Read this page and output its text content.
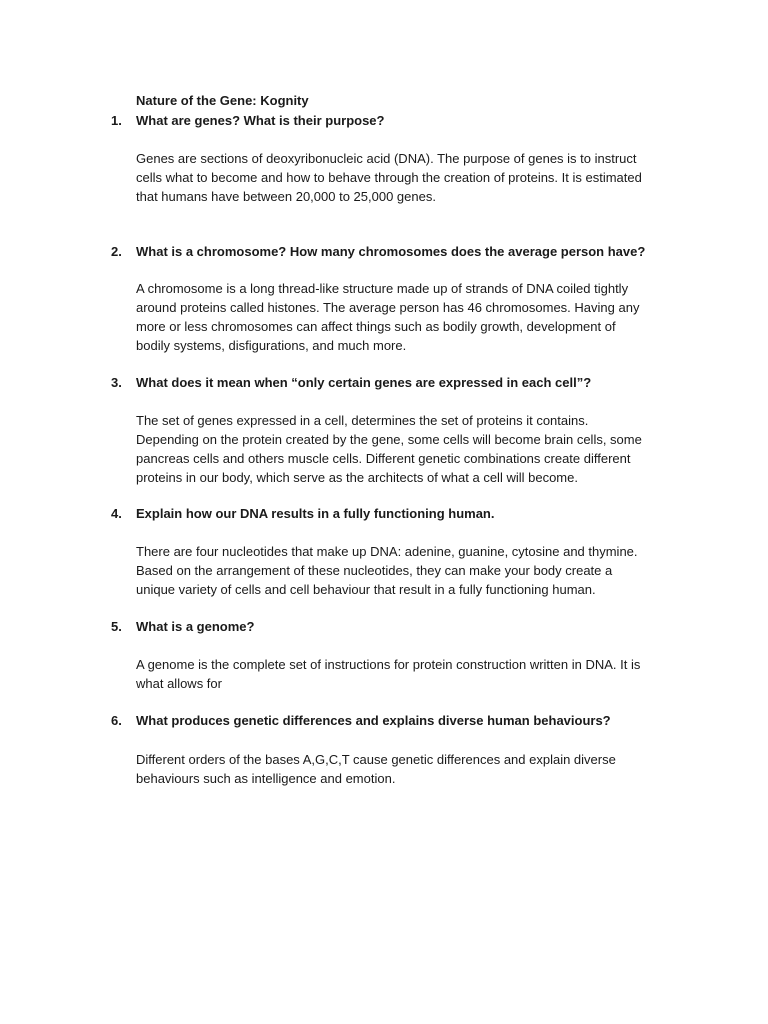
Nature of the Gene: Kognity
1. What are genes? What is their purpose?
Genes are sections of deoxyribonucleic acid (DNA). The purpose of genes is to instruct
cells what to become and how to behave through the creation of proteins. It is estimated
that humans have between 20,000 to 25,000 genes.
2. What is a chromosome? How many chromosomes does the average person have?
A chromosome is a long thread-like structure made up of strands of DNA coiled tightly
around proteins called histones. The average person has 46 chromosomes. Having any
more or less chromosomes can affect things such as bodily growth, development of
bodily systems, disfigurations, and much more.
3. What does it mean when “only certain genes are expressed in each cell”?
The set of genes expressed in a cell, determines the set of proteins it contains.
Depending on the protein created by the gene, some cells will become brain cells, some
pancreas cells and others muscle cells. Different genetic combinations create different
proteins in our body, which serve as the architects of what a cell will become.
4. Explain how our DNA results in a fully functioning human.
There are four nucleotides that make up DNA: adenine, guanine, cytosine and thymine.
Based on the arrangement of these nucleotides, they can make your body create a
unique variety of cells and cell behaviour that result in a fully functioning human.
5. What is a genome?
A genome is the complete set of instructions for protein construction written in DNA. It is
what allows for
6. What produces genetic differences and explains diverse human behaviours?
Different orders of the bases A,G,C,T cause genetic differences and explain diverse
behaviours such as intelligence and emotion.
